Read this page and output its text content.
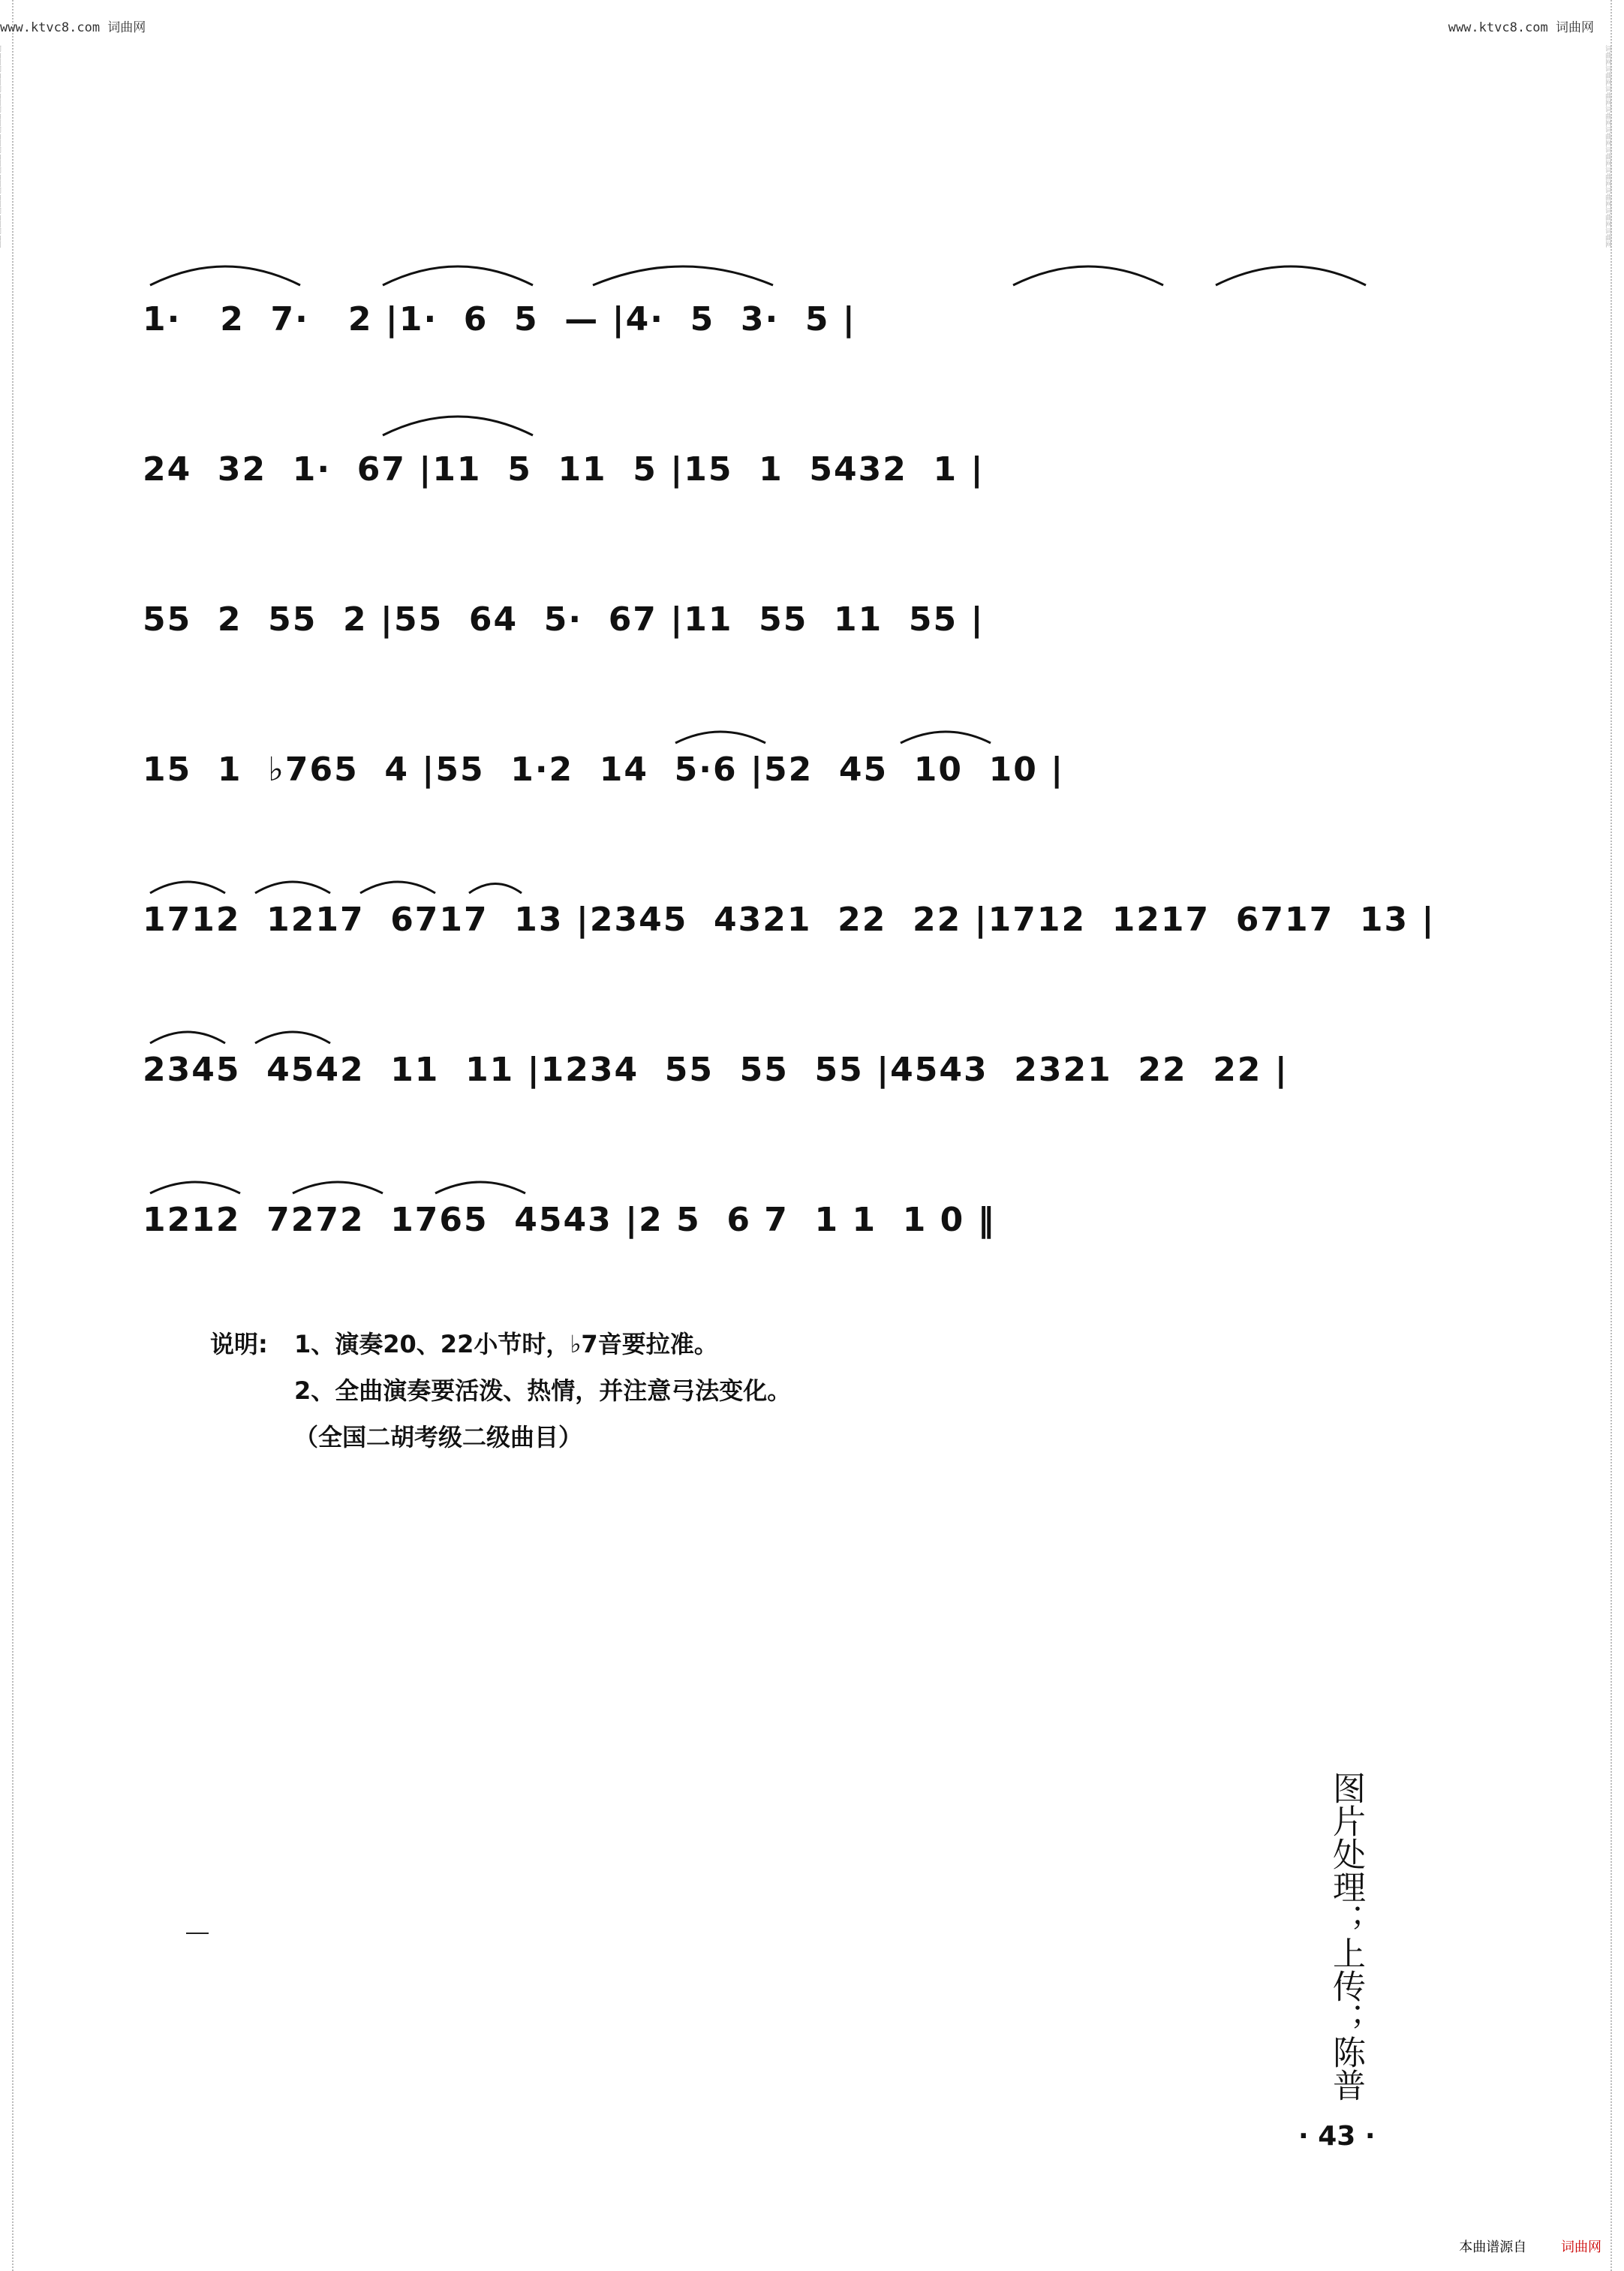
词曲网词曲网词曲网词曲网词曲网词曲网词曲网词曲网词曲网词曲网
www.ktvc8.com 词曲网	www.ktvc8.com 词曲网
1·   2  7·   2 |1·  6  5  — |4·  5  3·  5 |
24  32  1·  67 |11  5  11  5 |15  1  5432  1 |
55  2  55  2 |55  64  5·  67 |11  55  11  55 |
15  1  ♭765  4 |55  1·2  14  5·6 |52  45  10  10 |
1712  1217  6717  13 |2345  4321  22  22 |1712  1217  6717  13 |
2345  4542  11  11 |1234  55  55  55 |4543  2321  22  22 |
1212  7272  1765  4543 |2 5  6 7  1 1  1 0 ‖
说明:	1、演奏20、22小节时，♭7音要拉准。
2、全曲演奏要活泼、热情，并注意弓法变化。
（全国二胡考级二级曲目）
图片处理；上传；陈普
· 43 ·
本曲谱源自	词曲网
